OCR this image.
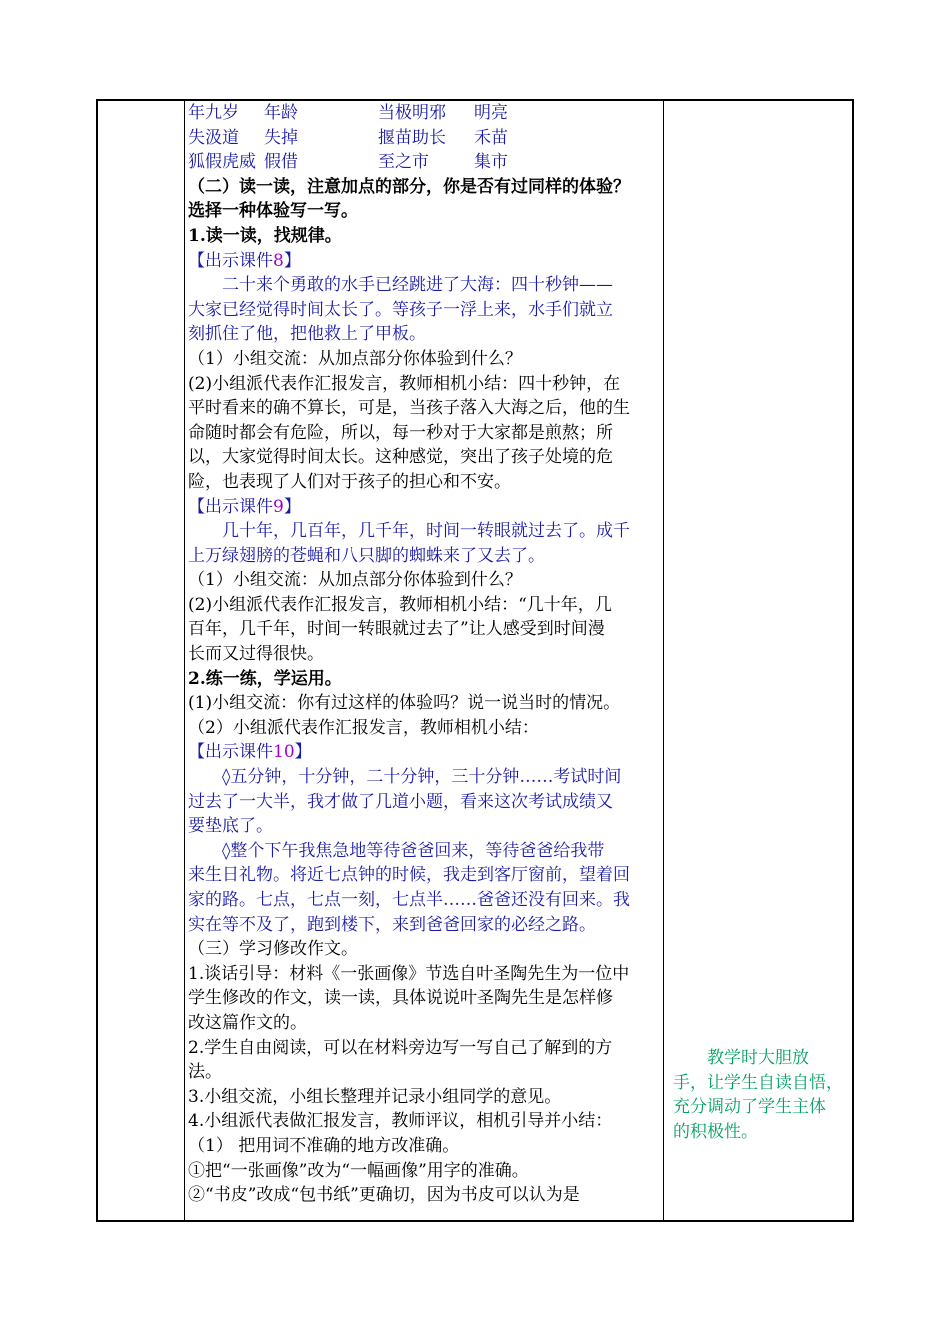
年九岁 年龄	当极明邪 明亮
失汲道 失掉	揠苗助长 禾苗
狐假虎威 假借	至之市	集市
（二）读一读，注意加点的部分，你是否有过同样的体验？
选择一种体验写一写。
1.读一读，找规律。
【出示课件8】
二十来个勇敢的水手已经跳进了大海：四十秒钟——
大家已经觉得时间太长了。等孩子一浮上来，水手们就立
刻抓住了他，把他救上了甲板。
（1）小组交流：从加点部分你体验到什么？
(2)小组派代表作汇报发言，教师相机小结：四十秒钟，在
平时看来的确不算长，可是，当孩子落入大海之后，他的生
命随时都会有危险，所以，每一秒对于大家都是煎熬；所
以，大家觉得时间太长。这种感觉，突出了孩子处境的危
险，也表现了人们对于孩子的担心和不安。
【出示课件9】
几十年，几百年，几千年，时间一转眼就过去了。成千
上万绿翅膀的苍蝇和八只脚的蜘蛛来了又去了。
（1）小组交流：从加点部分你体验到什么？
(2)小组派代表作汇报发言，教师相机小结：“几十年，几
百年，几千年，时间一转眼就过去了”让人感受到时间漫
长而又过得很快。
2.练一练，学运用。
(1)小组交流：你有过这样的体验吗？说一说当时的情况。
（2）小组派代表作汇报发言，教师相机小结：
【出示课件10】
◊五分钟，十分钟，二十分钟，三十分钟……考试时间
过去了一大半，我才做了几道小题，看来这次考试成绩又
要垫底了。
◊整个下午我焦急地等待爸爸回来，等待爸爸给我带
来生日礼物。将近七点钟的时候，我走到客厅窗前，望着回
家的路。七点，七点一刻，七点半……爸爸还没有回来。我
实在等不及了，跑到楼下，来到爸爸回家的必经之路。
（三）学习修改作文。
1.谈话引导：材料《一张画像》节选自叶圣陶先生为一位中
学生修改的作文，读一读，具体说说叶圣陶先生是怎样修
改这篇作文的。
2.学生自由阅读，可以在材料旁边写一写自己了解到的方
法。
3.小组交流，小组长整理并记录小组同学的意见。
4.小组派代表做汇报发言，教师评议，相机引导并小结：
（1） 把用词不准确的地方改准确。
①把“一张画像”改为“一幅画像”用字的准确。
②“书皮”改成“包书纸”更确切，因为书皮可以认为是
教学时大胆放
手，让学生自读自悟，
充分调动了学生主体
的积极性。
